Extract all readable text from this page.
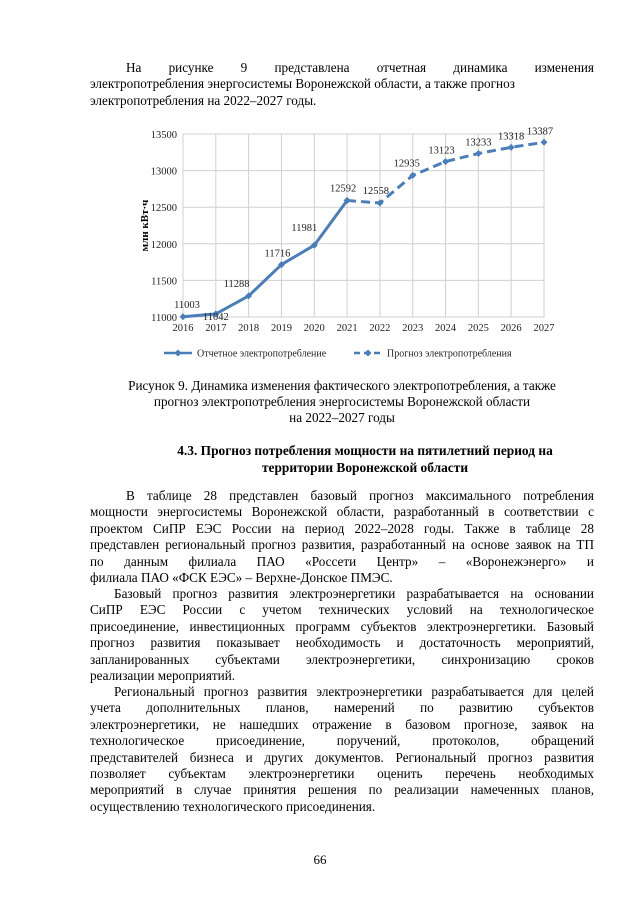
На рисунке 9 представлена отчетная динамика изменения
электропотребления энергосистемы Воронежской области, а также прогноз
электропотребления на 2022–2027 годы.
11000
11500
12000
12500
13000
13500
2016 2017 2018 2019 2020 2021 2022 2023 2024 2025 2026 2027
млн кВт·ч
11003
11042
11288
11716
11981
12592 12558
12935
13123
13233
13318 13387
Отчетное электропотребление	Прогноз электропотребления
Рисунок 9. Динамика изменения фактического электропотребления, а также
прогноз электропотребления энергосистемы Воронежской области
на 2022–2027 годы
4.3. Прогноз потребления мощности на пятилетний период на
территории Воронежской области
В таблице 28 представлен базовый прогноз максимального потребления
мощности энергосистемы Воронежской области, разработанный в соответствии с
проектом СиПР ЕЭС России на период 2022–2028 годы. Также в таблице 28
представлен региональный прогноз развития, разработанный на основе заявок на ТП
по данным филиала ПАО «Россети Центр» – «Воронежэнерго» и
филиала ПАО «ФСК ЕЭС» – Верхне-Донское ПМЭС.
Базовый прогноз развития электроэнергетики разрабатывается на основании
СиПР ЕЭС России с учетом технических условий на технологическое
присоединение, инвестиционных программ субъектов электроэнергетики. Базовый
прогноз развития показывает необходимость и достаточность мероприятий,
запланированных субъектами электроэнергетики, синхронизацию сроков
реализации мероприятий.
Региональный прогноз развития электроэнергетики разрабатывается для целей
учета дополнительных планов, намерений по развитию субъектов
электроэнергетики, не нашедших отражение в базовом прогнозе, заявок на
технологическое присоединение, поручений, протоколов, обращений
представителей бизнеса и других документов. Региональный прогноз развития
позволяет субъектам электроэнергетики оценить перечень необходимых
мероприятий в случае принятия решения по реализации намеченных планов,
осуществлению технологического присоединения.
66
